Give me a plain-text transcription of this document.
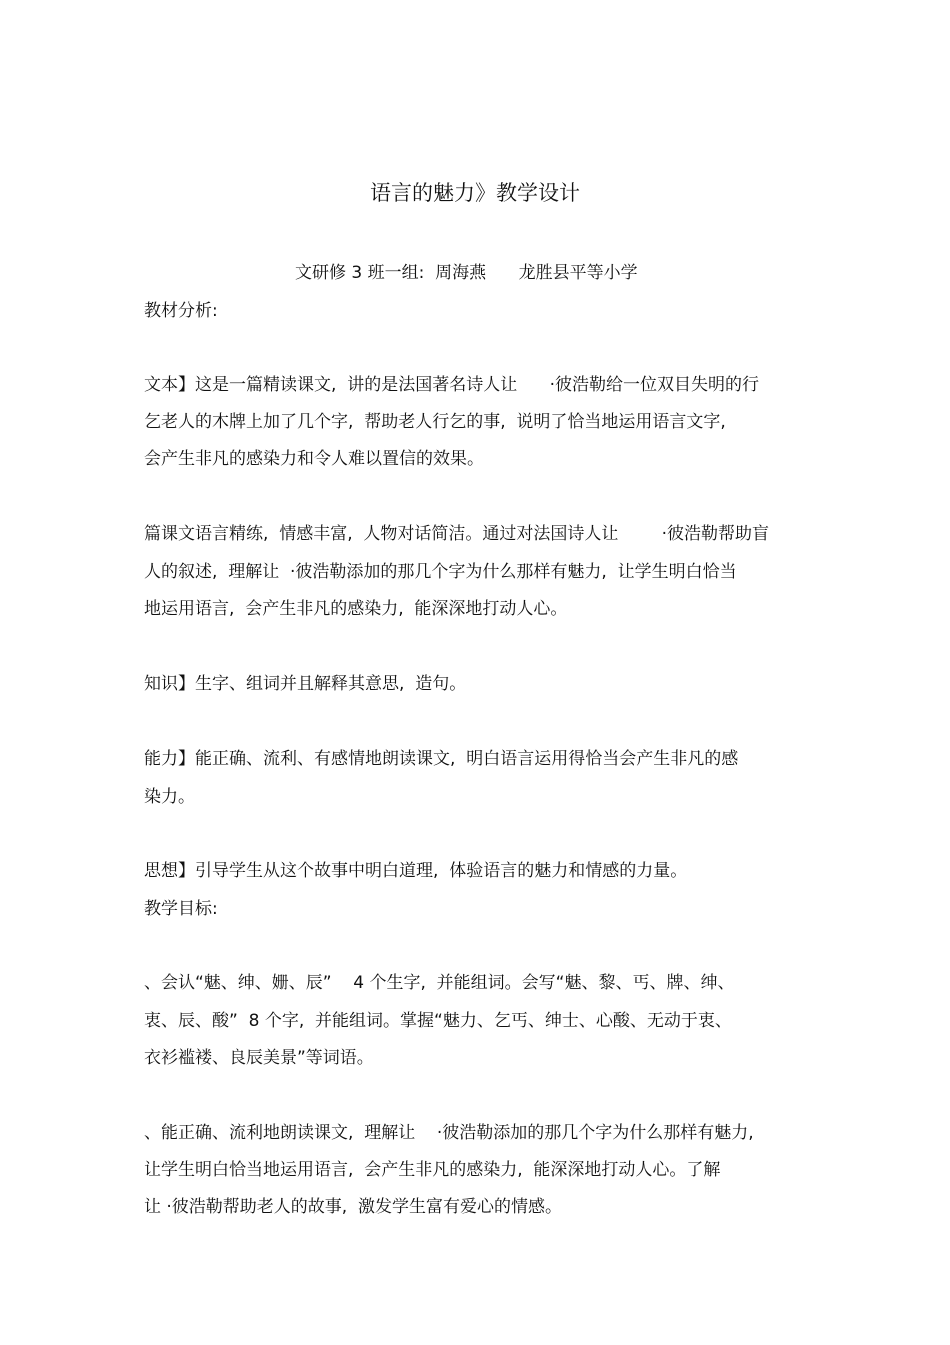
语言的魅力》教学设计
文研修 3 班一组:  周海燕      龙胜县平等小学
教材分析:
文本】这是一篇精读课文,  讲的是法国著名诗人让      ·彼浩勒给一位双目失明的行
乞老人的木牌上加了几个字,  帮助老人行乞的事,  说明了恰当地运用语言文字,
会产生非凡的感染力和令人难以置信的效果。
篇课文语言精练,  情感丰富,  人物对话简洁。通过对法国诗人让        ·彼浩勒帮助盲
人的叙述,  理解让  ·彼浩勒添加的那几个字为什么那样有魅力,  让学生明白恰当
地运用语言,  会产生非凡的感染力,  能深深地打动人心。
知识】生字、组词并且解释其意思,  造句。
能力】能正确、流利、有感情地朗读课文,  明白语言运用得恰当会产生非凡的感
染力。
思想】引导学生从这个故事中明白道理,  体验语言的魅力和情感的力量。
教学目标:
、会认“魅、绅、姗、辰”    4 个生字,  并能组词。会写“魅、黎、丐、牌、绅、
衷、辰、酸”  8 个字,  并能组词。掌握“魅力、乞丐、绅士、心酸、无动于衷、
衣衫褴褛、良辰美景”等词语。
、能正确、流利地朗读课文,  理解让    ·彼浩勒添加的那几个字为什么那样有魅力,
让学生明白恰当地运用语言,  会产生非凡的感染力,  能深深地打动人心。了解
让 ·彼浩勒帮助老人的故事,  激发学生富有爱心的情感。
